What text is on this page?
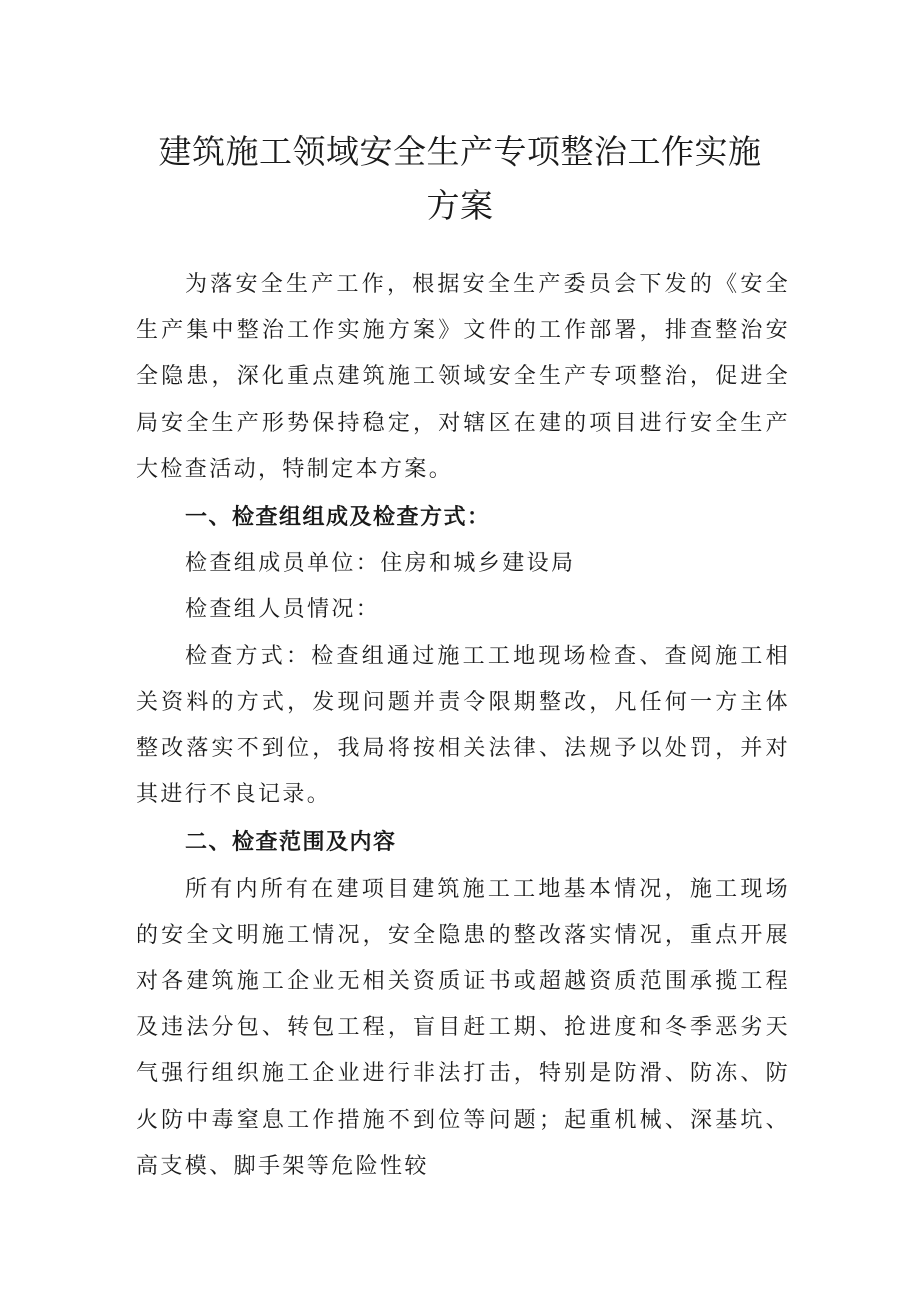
建筑施工领域安全生产专项整治工作实施
方案

为落安全生产工作，根据安全生产委员会下发的《安全生产集中整治工作实施方案》文件的工作部署，排查整治安全隐患，深化重点建筑施工领域安全生产专项整治，促进全局安全生产形势保持稳定，对辖区在建的项目进行安全生产大检查活动，特制定本方案。

一、检查组组成及检查方式：

检查组成员单位：住房和城乡建设局

检查组人员情况：

检查方式：检查组通过施工工地现场检查、查阅施工相关资料的方式，发现问题并责令限期整改，凡任何一方主体整改落实不到位，我局将按相关法律、法规予以处罚，并对其进行不良记录。

二、检查范围及内容

所有内所有在建项目建筑施工工地基本情况，施工现场的安全文明施工情况，安全隐患的整改落实情况，重点开展对各建筑施工企业无相关资质证书或超越资质范围承揽工程及违法分包、转包工程，盲目赶工期、抢进度和冬季恶劣天气强行组织施工企业进行非法打击，特别是防滑、防冻、防火防中毒窒息工作措施不到位等问题；起重机械、深基坑、高支模、脚手架等危险性较
